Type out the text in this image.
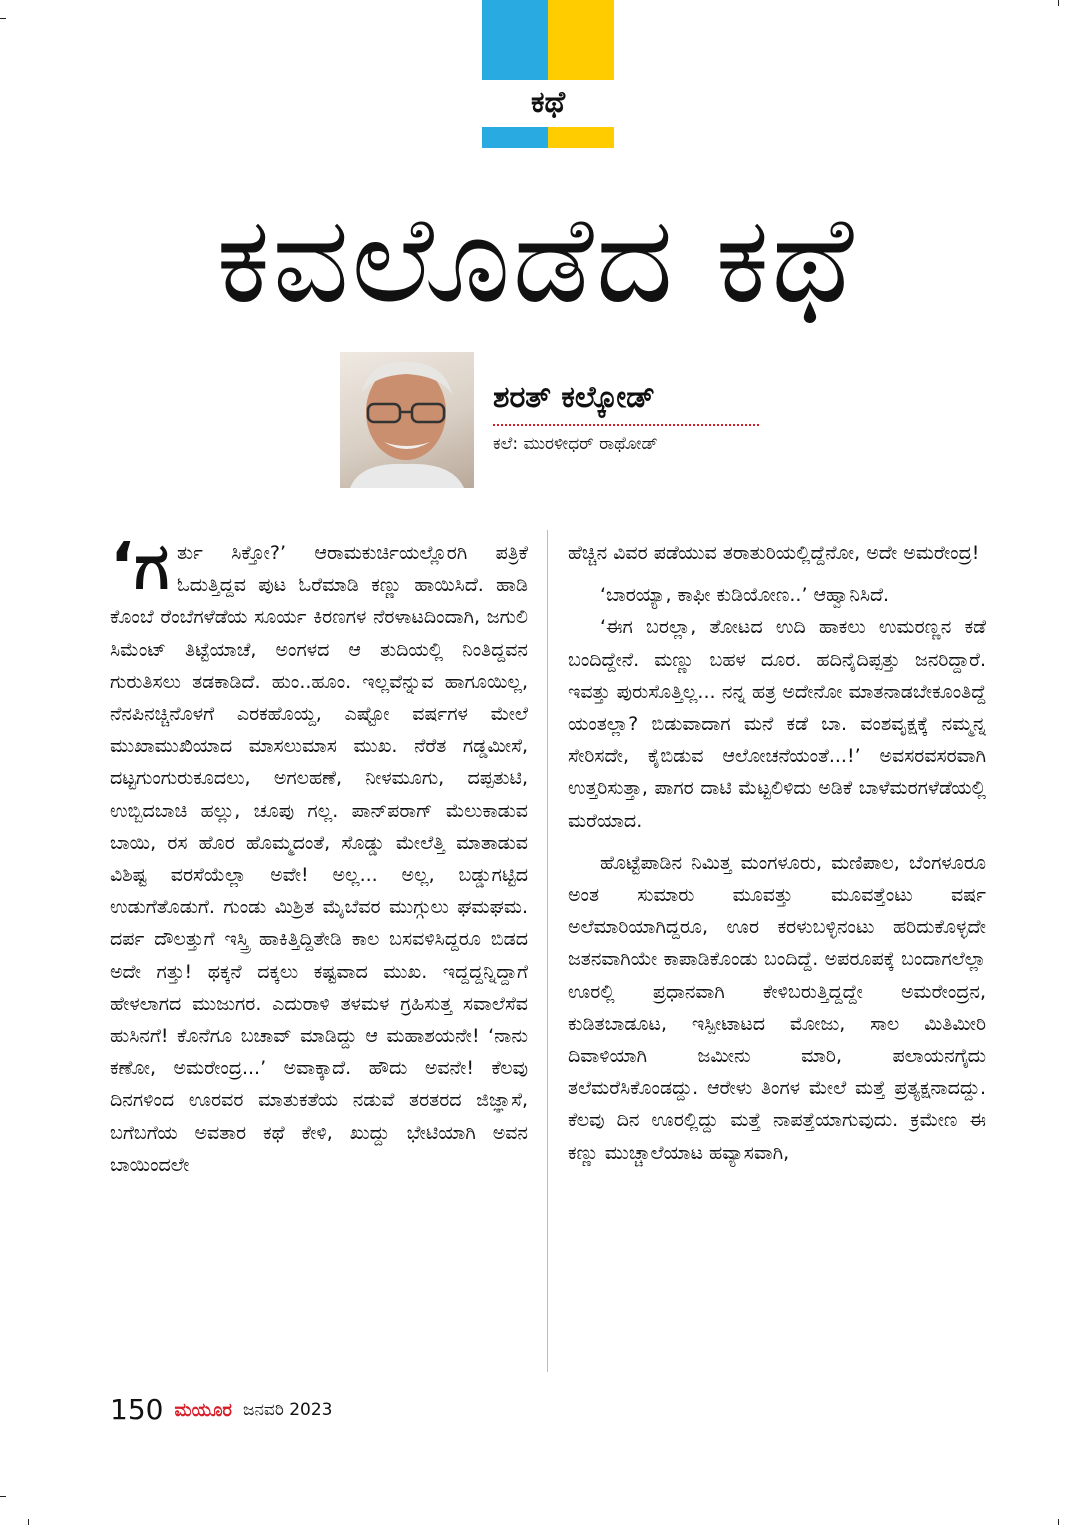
ಕಥೆ
ಕವಲೊಡೆದ ಕಥೆ
ಶರತ್ ಕಲ್ಕೋಡ್
ಕಲೆ: ಮುರಳೀಧರ್ ರಾಥೋಡ್

‘ಗ ರ್ತು ಸಿಕ್ತೋ?’ ಆರಾಮಕುರ್ಚಿಯಲ್ಲೊರಗಿ ಪತ್ರಿಕೆ ಓದುತ್ತಿದ್ದವ ಪುಟ ಓರೆಮಾಡಿ ಕಣ್ಣು ಹಾಯಿಸಿದೆ. ಹಾಡಿ ಕೊಂಬೆ ರೆಂಬೆಗಳೆಡೆಯ ಸೂರ್ಯ ಕಿರಣಗಳ ನೆರಳಾಟದಿಂದಾಗಿ, ಜಗುಲಿ ಸಿಮೆಂಟ್ ತಿಟ್ಟೆಯಾಚೆ, ಅಂಗಳದ ಆ ತುದಿಯಲ್ಲಿ ನಿಂತಿದ್ದವನ ಗುರುತಿಸಲು ತಡಕಾಡಿದೆ. ಹುಂ..ಹೂಂ. ಇಲ್ಲವೆನ್ನುವ ಹಾಗೂಯಿಲ್ಲ, ನೆನಪಿನಚ್ಚಿನೊಳಗೆ ಎರಕಹೊಯ್ದ, ಎಷ್ಟೋ ವರ್ಷಗಳ ಮೇಲೆ ಮುಖಾಮುಖಿಯಾದ ಮಾಸಲುಮಾಸ ಮುಖ. ನೆರೆತ ಗಡ್ಡಮೀಸೆ, ದಟ್ಟಗುಂಗುರುಕೂದಲು, ಅಗಲಹಣೆ, ನೀಳಮೂಗು, ದಪ್ಪತುಟಿ, ಉಬ್ಬಿದಬಾಚಿ ಹಲ್ಲು, ಚೂಪು ಗಲ್ಲ. ಪಾನ್‌ಪರಾಗ್ ಮೆಲುಕಾಡುವ ಬಾಯಿ, ರಸ ಹೊರ ಹೊಮ್ಮದಂತೆ, ಸೊಡ್ಡು ಮೇಲೆತ್ತಿ ಮಾತಾಡುವ ವಿಶಿಷ್ಟ ವರಸೆಯೆಲ್ಲಾ ಅವೇ! ಅಲ್ಲ... ಅಲ್ಲ, ಬಡ್ಡುಗಟ್ಟಿದ ಉಡುಗೆತೊಡುಗೆ. ಗುಂಡು ಮಿಶ್ರಿತ ಮೈಬೆವರ ಮುಗ್ಗುಲು ಘಮಘಮ. ದರ್ಪ ದೌಲತ್ತುಗೆ ಇಸ್ತ್ರಿ ಹಾಕಿತ್ತಿದ್ದಿತೇಡಿ ಕಾಲ ಬಸವಳಿಸಿದ್ದರೂ ಬಿಡದ ಅದೇ ಗತ್ತು! ಥಕ್ಕನೆ ದಕ್ಕಲು ಕಷ್ಟವಾದ ಮುಖ. ಇದ್ದದ್ದನ್ನಿದ್ದಾಗೆ ಹೇಳಲಾಗದ ಮುಜುಗರ. ಎದುರಾಳಿ ತಳಮಳ ಗ್ರಹಿಸುತ್ತ ಸವಾಲೆಸೆವ ಹುಸಿನಗೆ! ಕೊನೆಗೂ ಬಚಾವ್ ಮಾಡಿದ್ದು ಆ ಮಹಾಶಯನೇ! ‘ನಾನು ಕಣೋ, ಅಮರೇಂದ್ರ...’ ಅವಾಕ್ಕಾದೆ. ಹೌದು ಅವನೇ! ಕೆಲವು ದಿನಗಳಿಂದ ಊರವರ ಮಾತುಕತೆಯ ನಡುವೆ ತರತರದ ಜಿಜ್ಞಾಸೆ, ಬಗೆಬಗೆಯ ಅವತಾರ ಕಥೆ ಕೇಳಿ, ಖುದ್ದು ಭೇಟಿಯಾಗಿ ಅವನ ಬಾಯಿಂದಲೇ

ಹೆಚ್ಚಿನ ವಿವರ ಪಡೆಯುವ ತರಾತುರಿಯಲ್ಲಿದ್ದೆನೋ, ಅದೇ ಅಮರೇಂದ್ರ!

‘ಬಾರಯ್ಯಾ, ಕಾಫೀ ಕುಡಿಯೋಣ..’ ಆಹ್ವಾನಿಸಿದೆ.

‘ಈಗ ಬರಲ್ಲಾ, ತೋಟದ ಉದಿ ಹಾಕಲು ಉಮರಣ್ಣನ ಕಡೆ ಬಂದಿದ್ದೇನೆ. ಮಣ್ಣು ಬಹಳ ದೂರ. ಹದಿನೈದಿಪ್ಪತ್ತು ಜನರಿದ್ದಾರೆ. ಇವತ್ತು ಪುರುಸೊತ್ತಿಲ್ಲ... ನನ್ನ ಹತ್ರ ಅದೇನೋ ಮಾತನಾಡಬೇಕೂಂತಿದ್ದೆ ಯಂತಲ್ಲಾ? ಬಿಡುವಾದಾಗ ಮನೆ ಕಡೆ ಬಾ. ವಂಶವೃಕ್ಷಕ್ಕೆ ನಮ್ಮನ್ನ ಸೇರಿಸದೇ, ಕೈಬಿಡುವ ಆಲೋಚನೆಯಂತೆ...!’ ಅವಸರವಸರವಾಗಿ ಉತ್ತರಿಸುತ್ತಾ, ಪಾಗರ ದಾಟಿ ಮೆಟ್ಟಲಿಳಿದು ಅಡಿಕೆ ಬಾಳೆಮರಗಳೆಡೆಯಲ್ಲಿ ಮರೆಯಾದ.

ಹೊಟ್ಟೆಪಾಡಿನ ನಿಮಿತ್ತ ಮಂಗಳೂರು, ಮಣಿಪಾಲ, ಬೆಂಗಳೂರೂ ಅಂತ ಸುಮಾರು ಮೂವತ್ತು ಮೂವತ್ತೆಂಟು ವರ್ಷ ಅಲೆಮಾರಿಯಾಗಿದ್ದರೂ, ಊರ ಕರಳುಬಳ್ಳಿನಂಟು ಹರಿದುಕೊಳ್ಳದೇ ಜತನವಾಗಿಯೇ ಕಾಪಾಡಿಕೊಂಡು ಬಂದಿದ್ದೆ. ಅಪರೂಪಕ್ಕೆ ಬಂದಾಗಲೆಲ್ಲಾ ಊರಲ್ಲಿ ಪ್ರಧಾನವಾಗಿ ಕೇಳಿಬರುತ್ತಿದ್ದದ್ದೇ ಅಮರೇಂದ್ರನ, ಕುಡಿತಬಾಡೂಟ, ಇಸ್ಪೀಟಾಟದ ಮೋಜು, ಸಾಲ ಮಿತಿಮೀರಿ ದಿವಾಳಿಯಾಗಿ ಜಮೀನು ಮಾರಿ, ಪಲಾಯನಗೈದು ತಲೆಮರೆಸಿಕೊಂಡದ್ದು. ಆರೇಳು ತಿಂಗಳ ಮೇಲೆ ಮತ್ತೆ ಪ್ರತ್ಯಕ್ಷನಾದದ್ದು. ಕೆಲವು ದಿನ ಊರಲ್ಲಿದ್ದು ಮತ್ತೆ ನಾಪತ್ತೆಯಾಗುವುದು. ಕ್ರಮೇಣ ಈ ಕಣ್ಣು ಮುಚ್ಚಾಲೆಯಾಟ ಹವ್ಯಾಸವಾಗಿ,

150 ಮಯೂರ ಜನವರಿ 2023
